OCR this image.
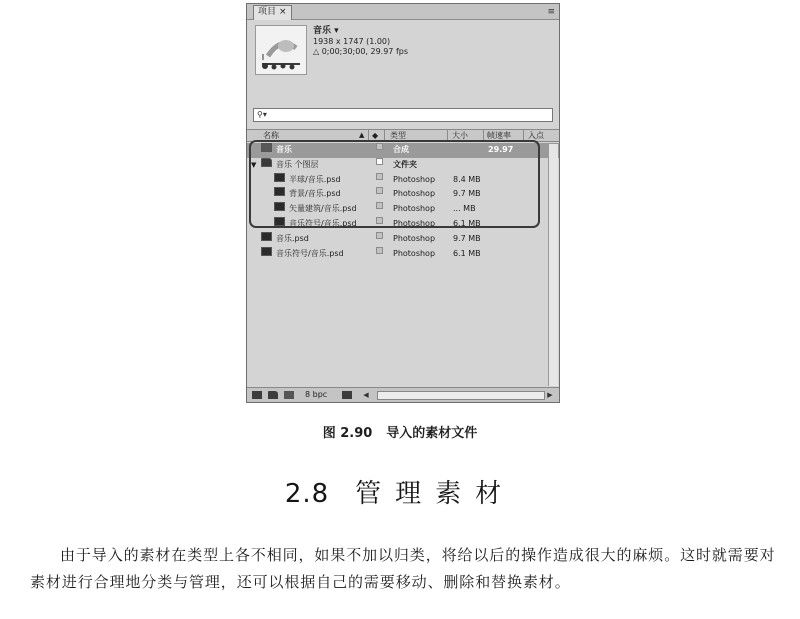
项目 ×	≡
音乐 ▾
1938 x 1747 (1.00)
△ 0;00;30;00, 29.97 fps
⚲▾
名称	▲ ◆ 类型	大小 帧速率 入点
音乐	合成	29.97
▼ 音乐 个图层	文件夹
半球/音乐.psd	Photoshop 8.4 MB
背景/音乐.psd	Photoshop 9.7 MB
矢量建筑/音乐.psd	Photoshop ... MB
音乐符号/音乐.psd	Photoshop 6.1 MB
音乐.psd	Photoshop 9.7 MB
音乐符号/音乐.psd	Photoshop 6.1 MB
8 bpc	◀	▶
图 2.90 导入的素材文件
2.8 管理素材

由于导入的素材在类型上各不相同，如果不加以归类，将给以后的操作造成很大的麻烦。这时就需要对素材进行合理地分类与管理，还可以根据自己的需要移动、删除和替换素材。
